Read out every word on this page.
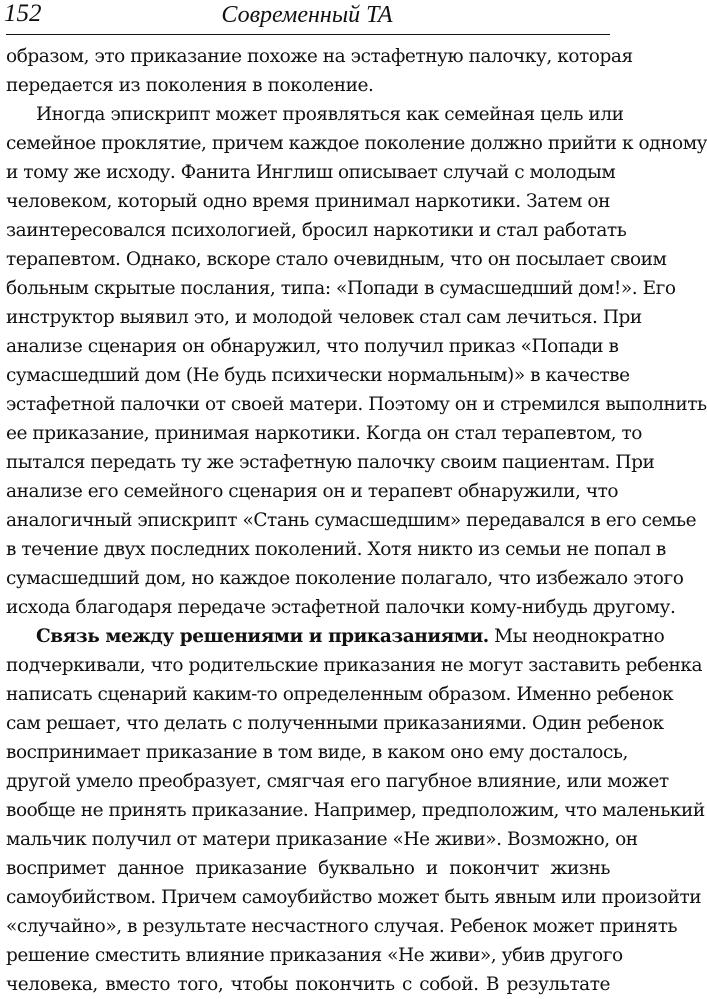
152	Современный ТА
образом, это приказание похоже на эстафетную палочку, которая
передается из поколения в поколение.
Иногда эпискрипт может проявляться как семейная цель или
семейное проклятие, причем каждое поколение должно прийти к одному
и тому же исходу. Фанита Инглиш описывает случай с молодым
человеком, который одно время принимал наркотики. Затем он
заинтересовался психологией, бросил наркотики и стал работать
терапевтом. Однако, вскоре стало очевидным, что он посылает своим
больным скрытые послания, типа: «Попади в сумасшедший дом!». Его
инструктор выявил это, и молодой человек стал сам лечиться. При
анализе сценария он обнаружил, что получил приказ «Попади в
сумасшедший дом (Не будь психически нормальным)» в качестве
эстафетной палочки от своей матери. Поэтому он и стремился выполнить
ее приказание, принимая наркотики. Когда он стал терапевтом, то
пытался передать ту же эстафетную палочку своим пациентам. При
анализе его семейного сценария он и терапевт обнаружили, что
аналогичный эпискрипт «Стань сумасшедшим» передавался в его семье
в течение двух последних поколений. Хотя никто из семьи не попал в
сумасшедший дом, но каждое поколение полагало, что избежало этого
исхода благодаря передаче эстафетной палочки кому-нибудь другому.
Связь между решениями и приказаниями. Мы неоднократно
подчеркивали, что родительские приказания не могут заставить ребенка
написать сценарий каким-то определенным образом. Именно ребенок
сам решает, что делать с полученными приказаниями. Один ребенок
воспринимает приказание в том виде, в каком оно ему досталось,
другой умело преобразует, смягчая его пагубное влияние, или может
вообще не принять приказание. Например, предположим, что маленький
мальчик получил от матери приказание «Не живи». Возможно, он
воспримет данное приказание буквально и покончит жизнь
самоубийством. Причем самоубийство может быть явным или произойти
«случайно», в результате несчастного случая. Ребенок может принять
решение сместить влияние приказания «Не живи», убив другого
человека, вместо того, чтобы покончить с собой. В результате
